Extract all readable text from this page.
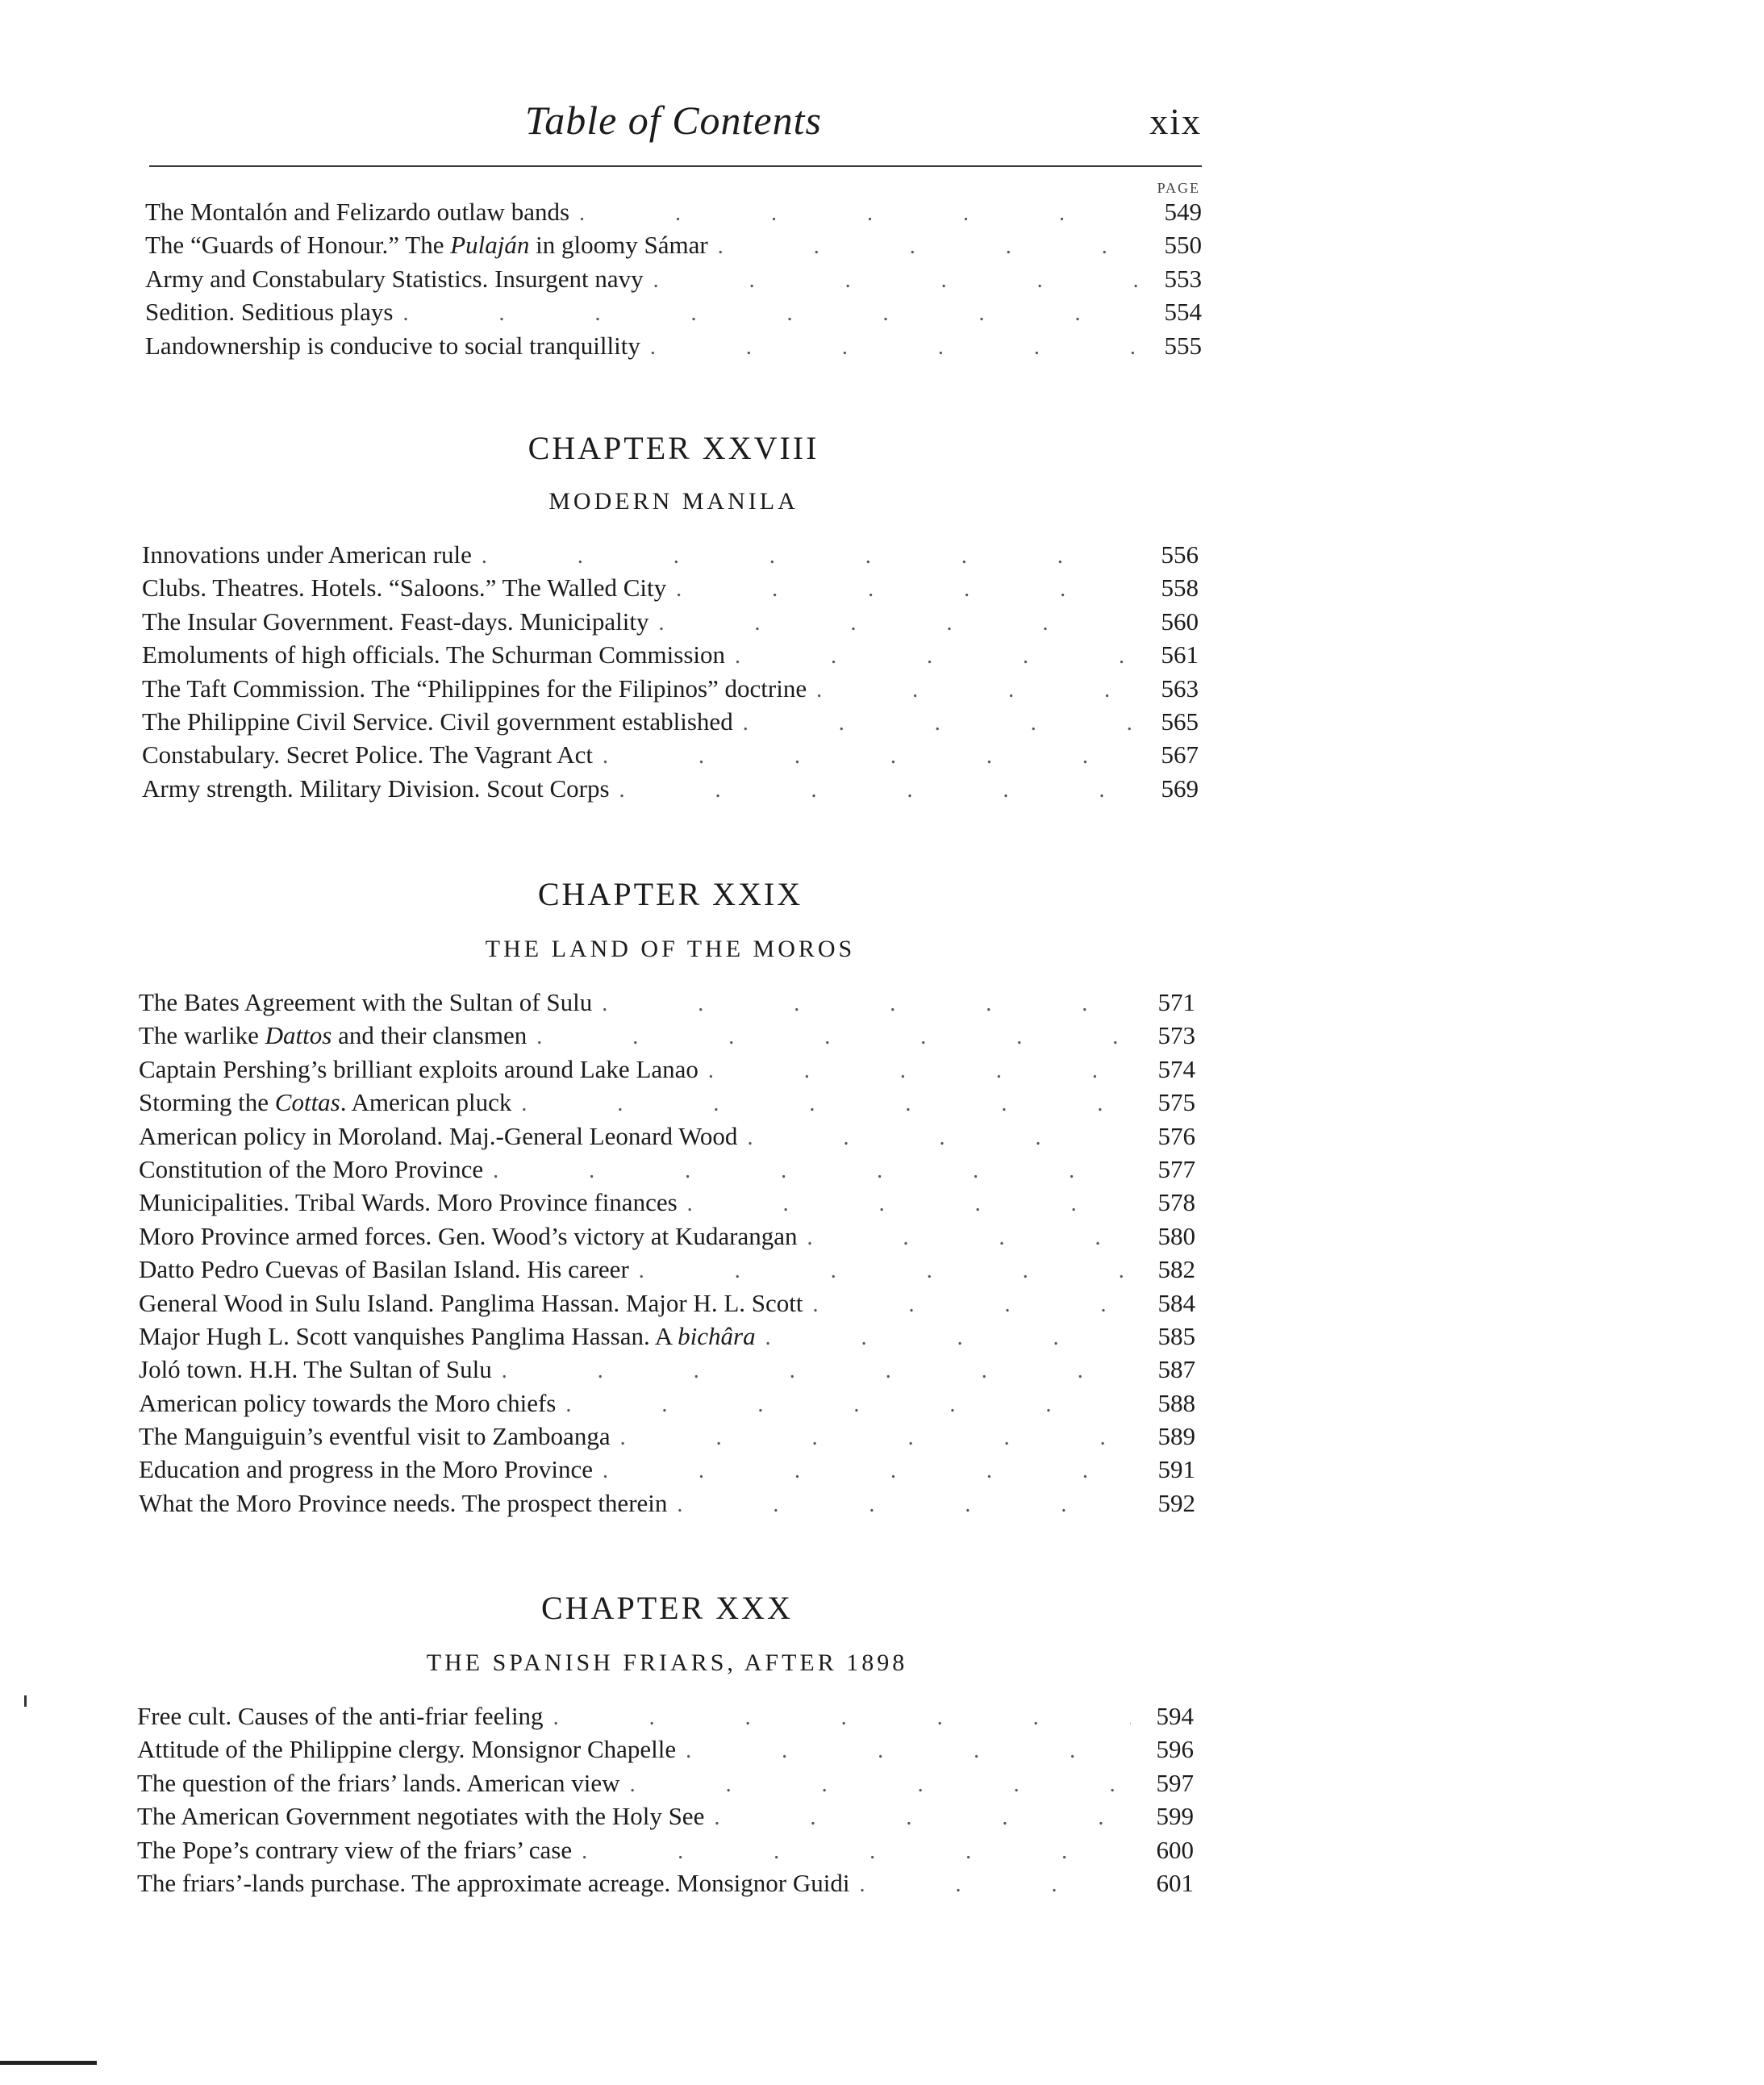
Table of Contents	xix
PAGE
The Montalón and Felizardo outlaw bands .	549
The “Guards of Honour.” The Pulaján in gloomy Sámar .	550
Army and Constabulary Statistics. Insurgent navy .	553
Sedition. Seditious plays .	554
Landownership is conducive to social tranquillity .	555
CHAPTER XXVIII
MODERN MANILA
Innovations under American rule .	556
Clubs. Theatres. Hotels. “Saloons.” The Walled City .	558
The Insular Government. Feast-days. Municipality .	560
Emoluments of high officials. The Schurman Commission .	561
The Taft Commission. The “Philippines for the Filipinos” doctrine .	563
The Philippine Civil Service. Civil government established .	565
Constabulary. Secret Police. The Vagrant Act .	567
Army strength. Military Division. Scout Corps .	569
CHAPTER XXIX
THE LAND OF THE MOROS
The Bates Agreement with the Sultan of Sulu .	571
The warlike Dattos and their clansmen .	573
Captain Pershing’s brilliant exploits around Lake Lanao .	574
Storming the Cottas. American pluck .	575
American policy in Moroland. Maj.-General Leonard Wood .	576
Constitution of the Moro Province .	577
Municipalities. Tribal Wards. Moro Province finances .	578
Moro Province armed forces. Gen. Wood’s victory at Kudarangan .	580
Datto Pedro Cuevas of Basilan Island. His career .	582
General Wood in Sulu Island. Panglima Hassan. Major H. L. Scott .	584
Major Hugh L. Scott vanquishes Panglima Hassan. A bichâra .	585
Joló town. H.H. The Sultan of Sulu .	587
American policy towards the Moro chiefs .	588
The Manguiguin’s eventful visit to Zamboanga .	589
Education and progress in the Moro Province .	591
What the Moro Province needs. The prospect therein .	592
CHAPTER XXX
THE SPANISH FRIARS, AFTER 1898
Free cult. Causes of the anti-friar feeling .	594
Attitude of the Philippine clergy. Monsignor Chapelle .	596
The question of the friars’ lands. American view .	597
The American Government negotiates with the Holy See .	599
The Pope’s contrary view of the friars’ case .	600
The friars’-lands purchase. The approximate acreage. Monsignor Guidi .	601
